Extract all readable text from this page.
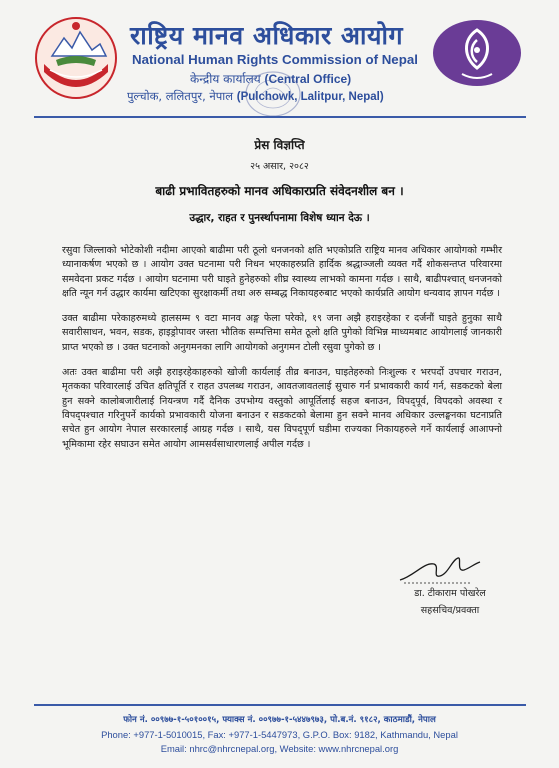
राष्ट्रिय मानव अधिकार आयोग
National Human Rights Commission of Nepal
केन्द्रीय कार्यालय (Central Office)
पुल्चोक, ललितपुर, नेपाल (Pulchowk, Lalitpur, Nepal)
प्रेस विज्ञप्ति
२५ असार, २०८२
बाढी प्रभावितहरुको मानव अधिकारप्रति संवेदनशील बन ।
उद्धार, राहत र पुनर्स्थापनामा विशेष ध्यान देऊ ।

रसुवा जिल्लाको भोटेकोशी नदीमा आएको बाढीमा परी ठूलो धनजनको क्षति भएकोप्रति राष्ट्रिय मानव अधिकार आयोगको गम्भीर ध्यानाकर्षण भएको छ । आयोग उक्त घटनामा परी निधन भएकाहरुप्रति हार्दिक श्रद्धाञ्जली व्यक्त गर्दै शोकसन्तप्त परिवारमा समवेदना प्रकट गर्दछ । आयोग घटनामा परी घाइते हुनेहरुको शीघ्र स्वास्थ्य लाभको कामना गर्दछ । साथै, बाढीपश्चात् धनजनको क्षति न्यून गर्न उद्धार कार्यमा खटिएका सुरक्षाकर्मी तथा अरु सम्बद्ध निकायहरुबाट भएको कार्यप्रति आयोग धन्यवाद ज्ञापन गर्दछ ।

उक्त बाढीमा परेकाहरुमध्ये हालसम्म ९ वटा मानव अङ्ग फेला परेको, १९ जना अझै हराइरहेका र दर्जनौं घाइते हुनुका साथै सवारीसाधन, भवन, सडक, हाइड्रोपावर जस्ता भौतिक सम्पत्तिमा समेत ठूलो क्षति पुगेको विभिन्न माध्यमबाट आयोगलाई जानकारी प्राप्त भएको छ । उक्त घटनाको अनुगमनका लागि आयोगको अनुगमन टोली रसुवा पुगेको छ ।

अतः उक्त बाढीमा परी अझै हराइरहेकाहरुको खोजी कार्यलाई तीव्र बनाउन, घाइतेहरुको निःशुल्क र भरपर्दो उपचार गराउन, मृतकका परिवारलाई उचित क्षतिपूर्ति र राहत उपलब्ध गराउन, आवतजावतलाई सुचारु गर्न प्रभावकारी कार्य गर्न, सडकटको बेला हुन सक्ने कालोबजारीलाई नियन्त्रण गर्दै दैनिक उपभोग्य वस्तुको आपूर्तिलाई सहज बनाउन, विपद्पूर्व, विपदको अवस्था र विपद्पश्चात गरिनुपर्ने कार्यको प्रभावकारी योजना बनाउन र सडकटको बेलामा हुन सक्ने मानव अधिकार उल्लङ्घनका घटनाप्रति सचेत हुन आयोग नेपाल सरकारलाई आग्रह गर्दछ । साथै, यस विपद्पूर्ण घडीमा राज्यका निकायहरुले गर्ने कार्यलाई आआफ्नो भूमिकामा रहेर सघाउन समेत आयोग आमसर्वसाधारणलाई अपील गर्दछ ।

डा. टीकाराम पोखरेल
सहसचिव/प्रवक्ता
फोन नं. ००९७७-१-५०१००१५, फ्याक्स नं. ००९७७-१-५४४७९७३, पो.ब.नं. ९१८२, काठमाडौं, नेपाल
Phone: +977-1-5010015, Fax: +977-1-5447973, G.P.O. Box: 9182, Kathmandu, Nepal
Email: nhrc@nhrcnepal.org, Website: www.nhrcnepal.org
